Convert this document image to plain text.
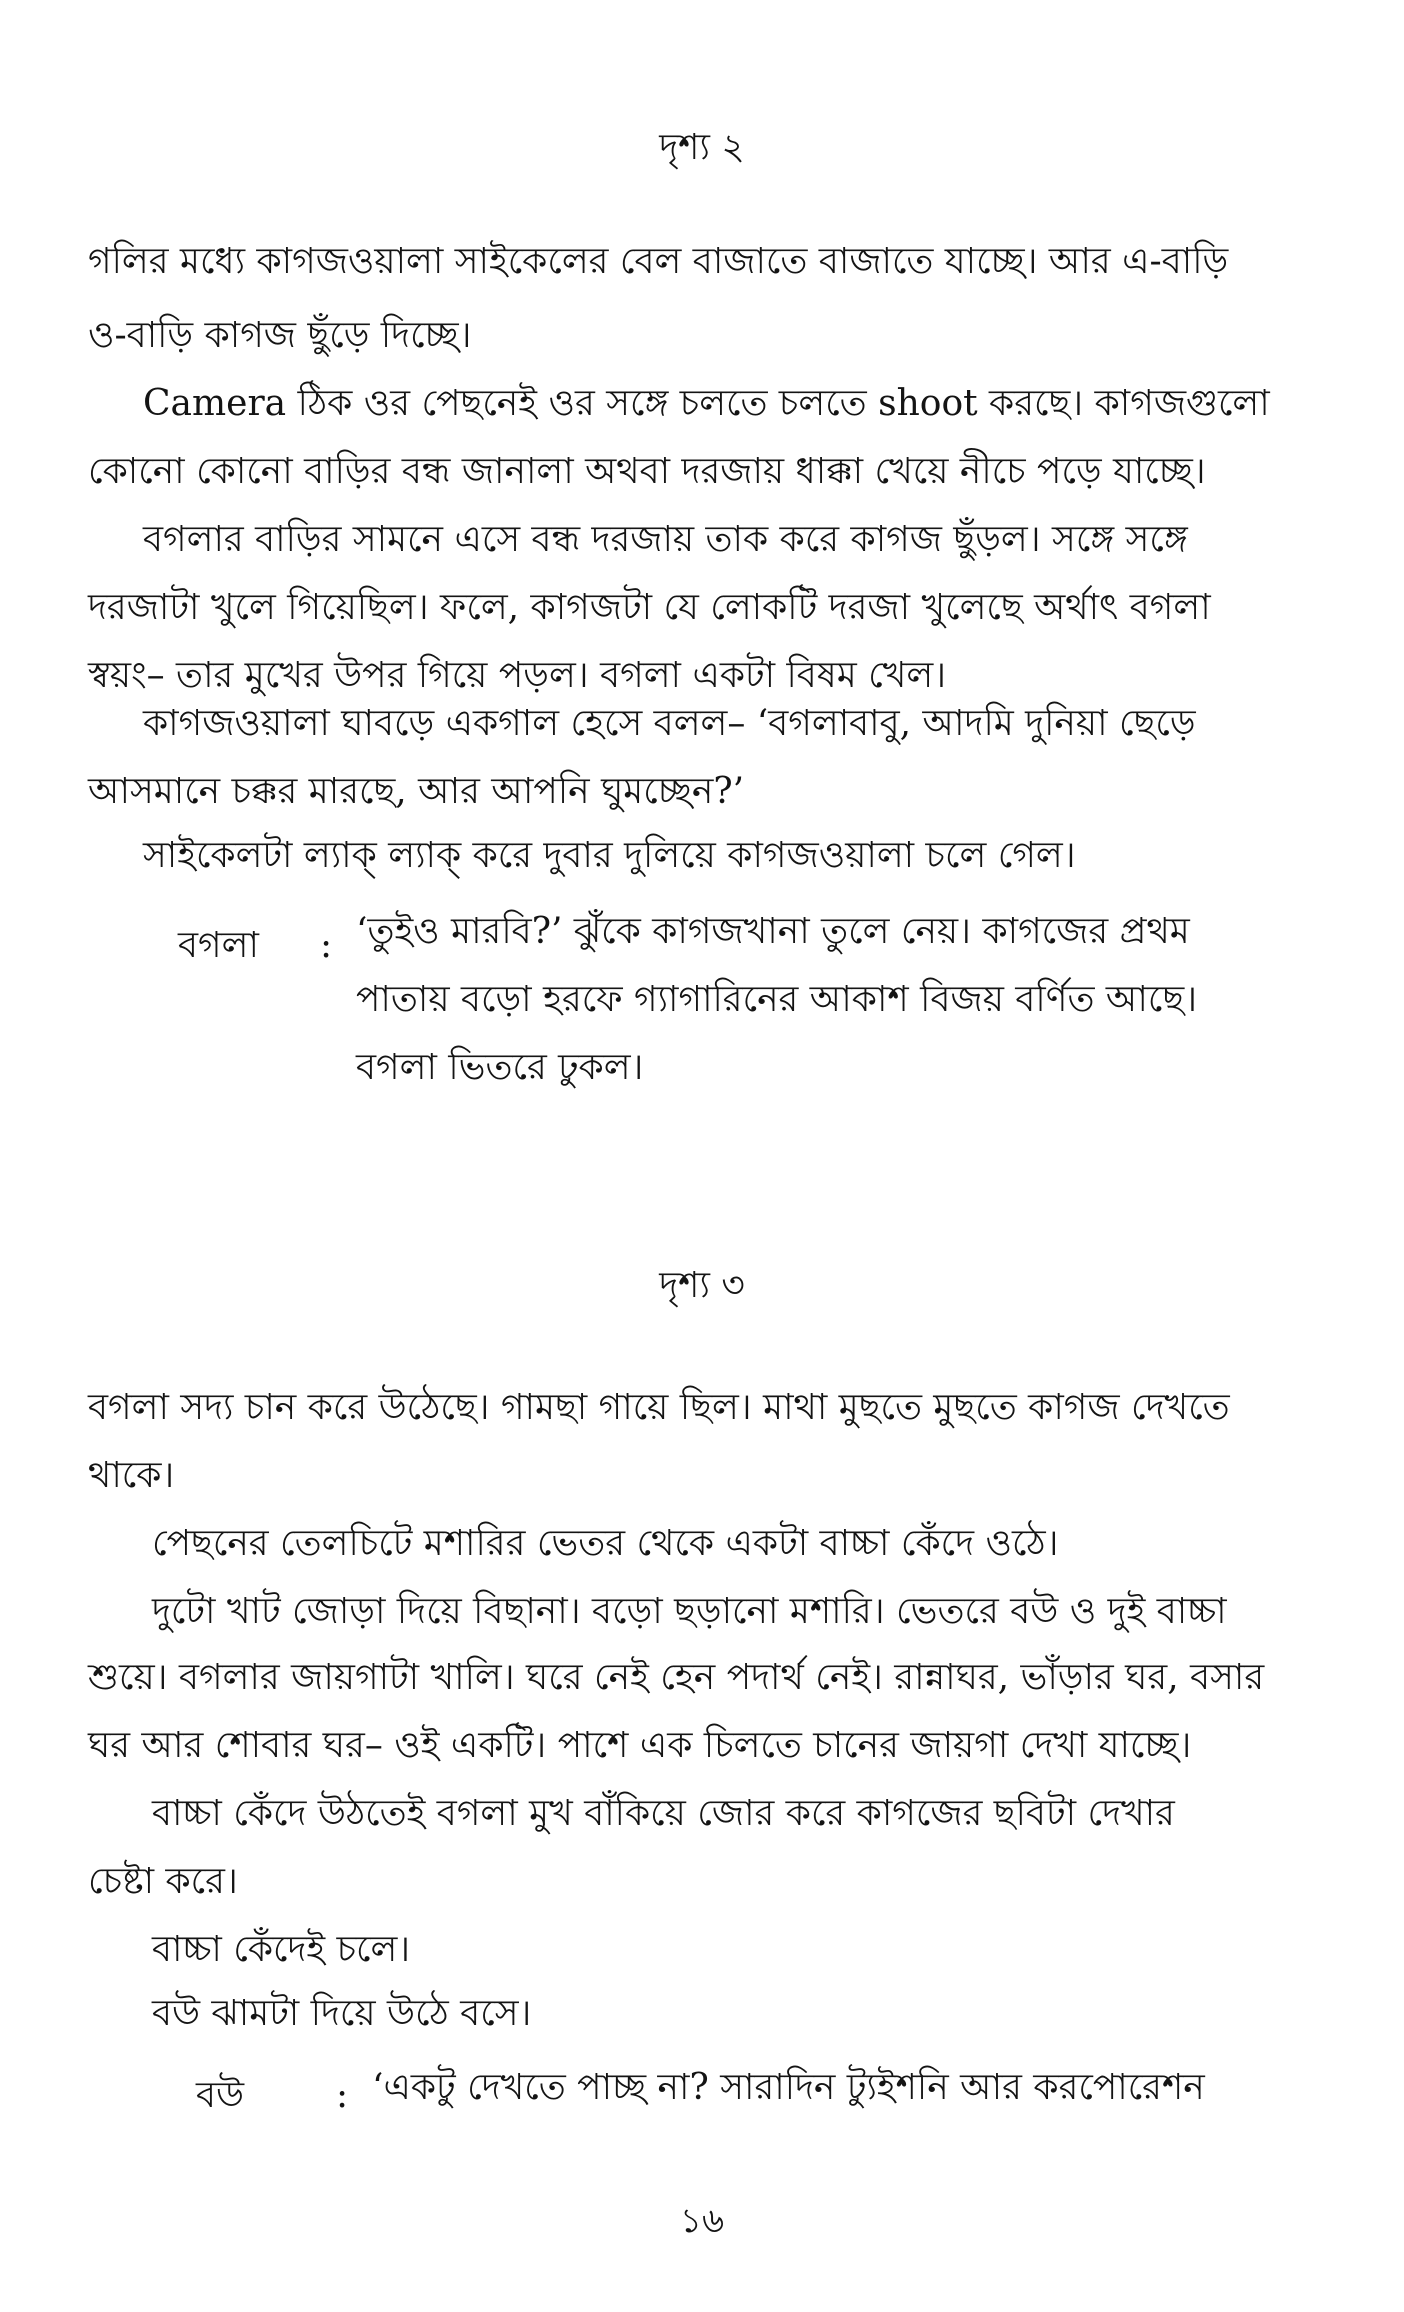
দৃশ্য ২
গলির মধ্যে কাগজওয়ালা সাইকেলের বেল বাজাতে বাজাতে যাচ্ছে। আর এ-বাড়ি
ও-বাড়ি কাগজ ছুঁড়ে দিচ্ছে।
Camera ঠিক ওর পেছনেই ওর সঙ্গে চলতে চলতে shoot করছে। কাগজগুলো
কোনো কোনো বাড়ির বন্ধ জানালা অথবা দরজায় ধাক্কা খেয়ে নীচে পড়ে যাচ্ছে।
বগলার বাড়ির সামনে এসে বন্ধ দরজায় তাক করে কাগজ ছুঁড়ল। সঙ্গে সঙ্গে
দরজাটা খুলে গিয়েছিল। ফলে, কাগজটা যে লোকটি দরজা খুলেছে অর্থাৎ বগলা
স্বয়ং– তার মুখের উপর গিয়ে পড়ল। বগলা একটা বিষম খেল।
কাগজওয়ালা ঘাবড়ে একগাল হেসে বলল– ‘বগলাবাবু, আদমি দুনিয়া ছেড়ে
আসমানে চক্কর মারছে, আর আপনি ঘুমচ্ছেন?’
সাইকেলটা ল্যাক্ ল্যাক্ করে দুবার দুলিয়ে কাগজওয়ালা চলে গেল।
বগলা : ‘তুইও মারবি?’ ঝুঁকে কাগজখানা তুলে নেয়। কাগজের প্রথম
পাতায় বড়ো হরফে গ্যাগারিনের আকাশ বিজয় বর্ণিত আছে।
বগলা ভিতরে ঢুকল।
দৃশ্য ৩
বগলা সদ্য চান করে উঠেছে। গামছা গায়ে ছিল। মাথা মুছতে মুছতে কাগজ দেখতে
থাকে।
পেছনের তেলচিটে মশারির ভেতর থেকে একটা বাচ্চা কেঁদে ওঠে।
দুটো খাট জোড়া দিয়ে বিছানা। বড়ো ছড়ানো মশারি। ভেতরে বউ ও দুই বাচ্চা
শুয়ে। বগলার জায়গাটা খালি। ঘরে নেই হেন পদার্থ নেই। রান্নাঘর, ভাঁড়ার ঘর, বসার
ঘর আর শোবার ঘর– ওই একটি। পাশে এক চিলতে চানের জায়গা দেখা যাচ্ছে।
বাচ্চা কেঁদে উঠতেই বগলা মুখ বাঁকিয়ে জোর করে কাগজের ছবিটা দেখার
চেষ্টা করে।
বাচ্চা কেঁদেই চলে।
বউ ঝামটা দিয়ে উঠে বসে।
বউ	: ‘একটু দেখতে পাচ্ছ না? সারাদিন ট্যুইশনি আর করপোরেশন
১৬
